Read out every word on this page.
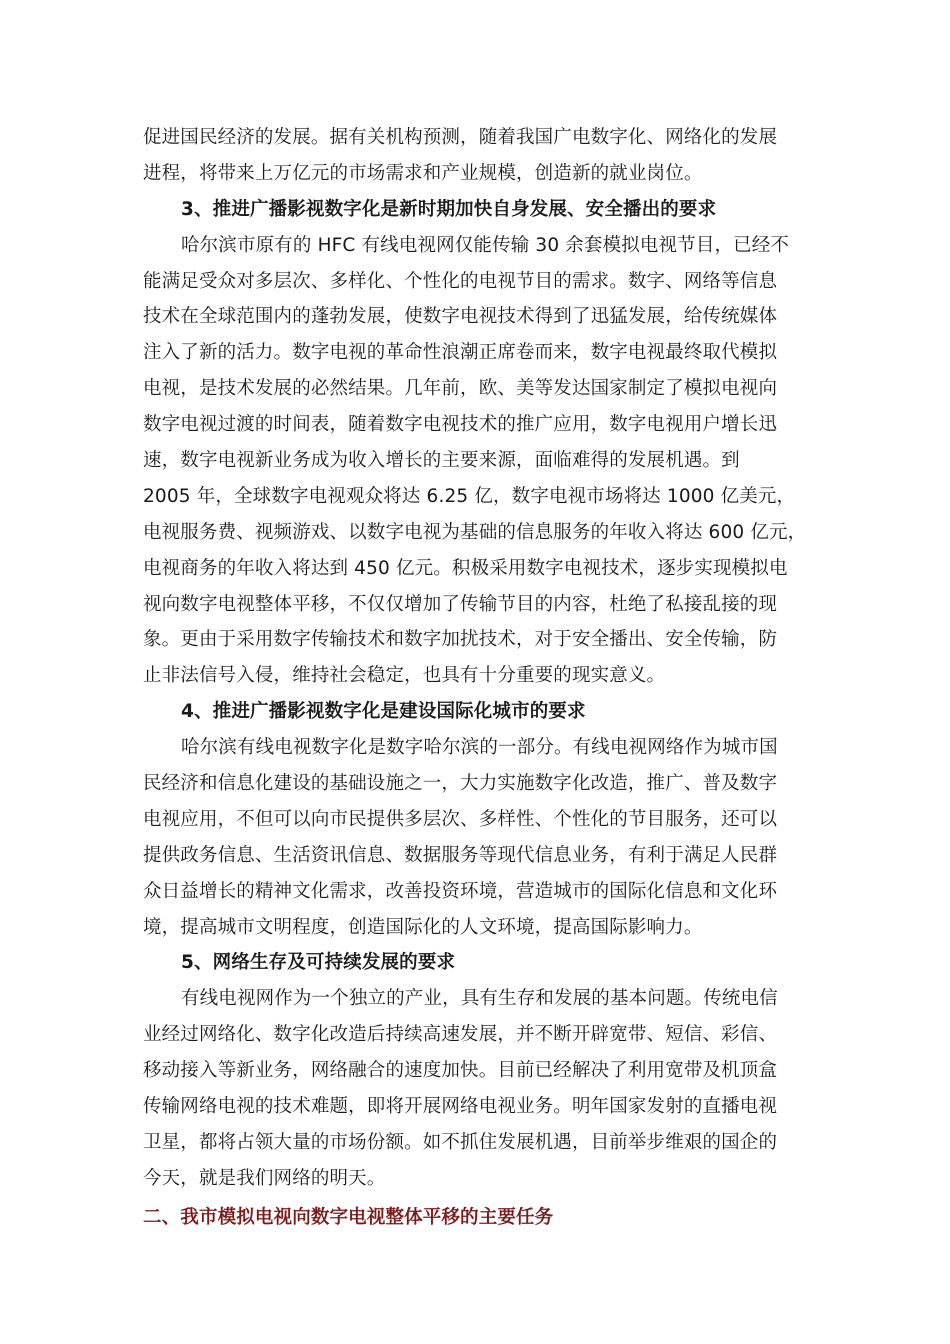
促进国民经济的发展。据有关机构预测，随着我国广电数字化、网络化的发展
进程，将带来上万亿元的市场需求和产业规模，创造新的就业岗位。
3、推进广播影视数字化是新时期加快自身发展、安全播出的要求
哈尔滨市原有的 HFC 有线电视网仅能传输 30 余套模拟电视节目，已经不
能满足受众对多层次、多样化、个性化的电视节目的需求。数字、网络等信息
技术在全球范围内的蓬勃发展，使数字电视技术得到了迅猛发展，给传统媒体
注入了新的活力。数字电视的革命性浪潮正席卷而来，数字电视最终取代模拟
电视，是技术发展的必然结果。几年前，欧、美等发达国家制定了模拟电视向
数字电视过渡的时间表，随着数字电视技术的推广应用，数字电视用户增长迅
速，数字电视新业务成为收入增长的主要来源，面临难得的发展机遇。到
2005 年，全球数字电视观众将达 6.25 亿，数字电视市场将达 1000 亿美元，
电视服务费、视频游戏、以数字电视为基础的信息服务的年收入将达 600 亿元，
电视商务的年收入将达到 450 亿元。积极采用数字电视技术，逐步实现模拟电
视向数字电视整体平移，不仅仅增加了传输节目的内容，杜绝了私接乱接的现
象。更由于采用数字传输技术和数字加扰技术，对于安全播出、安全传输，防
止非法信号入侵，维持社会稳定，也具有十分重要的现实意义。
4、推进广播影视数字化是建设国际化城市的要求
哈尔滨有线电视数字化是数字哈尔滨的一部分。有线电视网络作为城市国
民经济和信息化建设的基础设施之一，大力实施数字化改造，推广、普及数字
电视应用，不但可以向市民提供多层次、多样性、个性化的节目服务，还可以
提供政务信息、生活资讯信息、数据服务等现代信息业务，有利于满足人民群
众日益增长的精神文化需求，改善投资环境，营造城市的国际化信息和文化环
境，提高城市文明程度，创造国际化的人文环境，提高国际影响力。
5、网络生存及可持续发展的要求
有线电视网作为一个独立的产业，具有生存和发展的基本问题。传统电信
业经过网络化、数字化改造后持续高速发展，并不断开辟宽带、短信、彩信、
移动接入等新业务，网络融合的速度加快。目前已经解决了利用宽带及机顶盒
传输网络电视的技术难题，即将开展网络电视业务。明年国家发射的直播电视
卫星，都将占领大量的市场份额。如不抓住发展机遇，目前举步维艰的国企的
今天，就是我们网络的明天。
二、我市模拟电视向数字电视整体平移的主要任务
